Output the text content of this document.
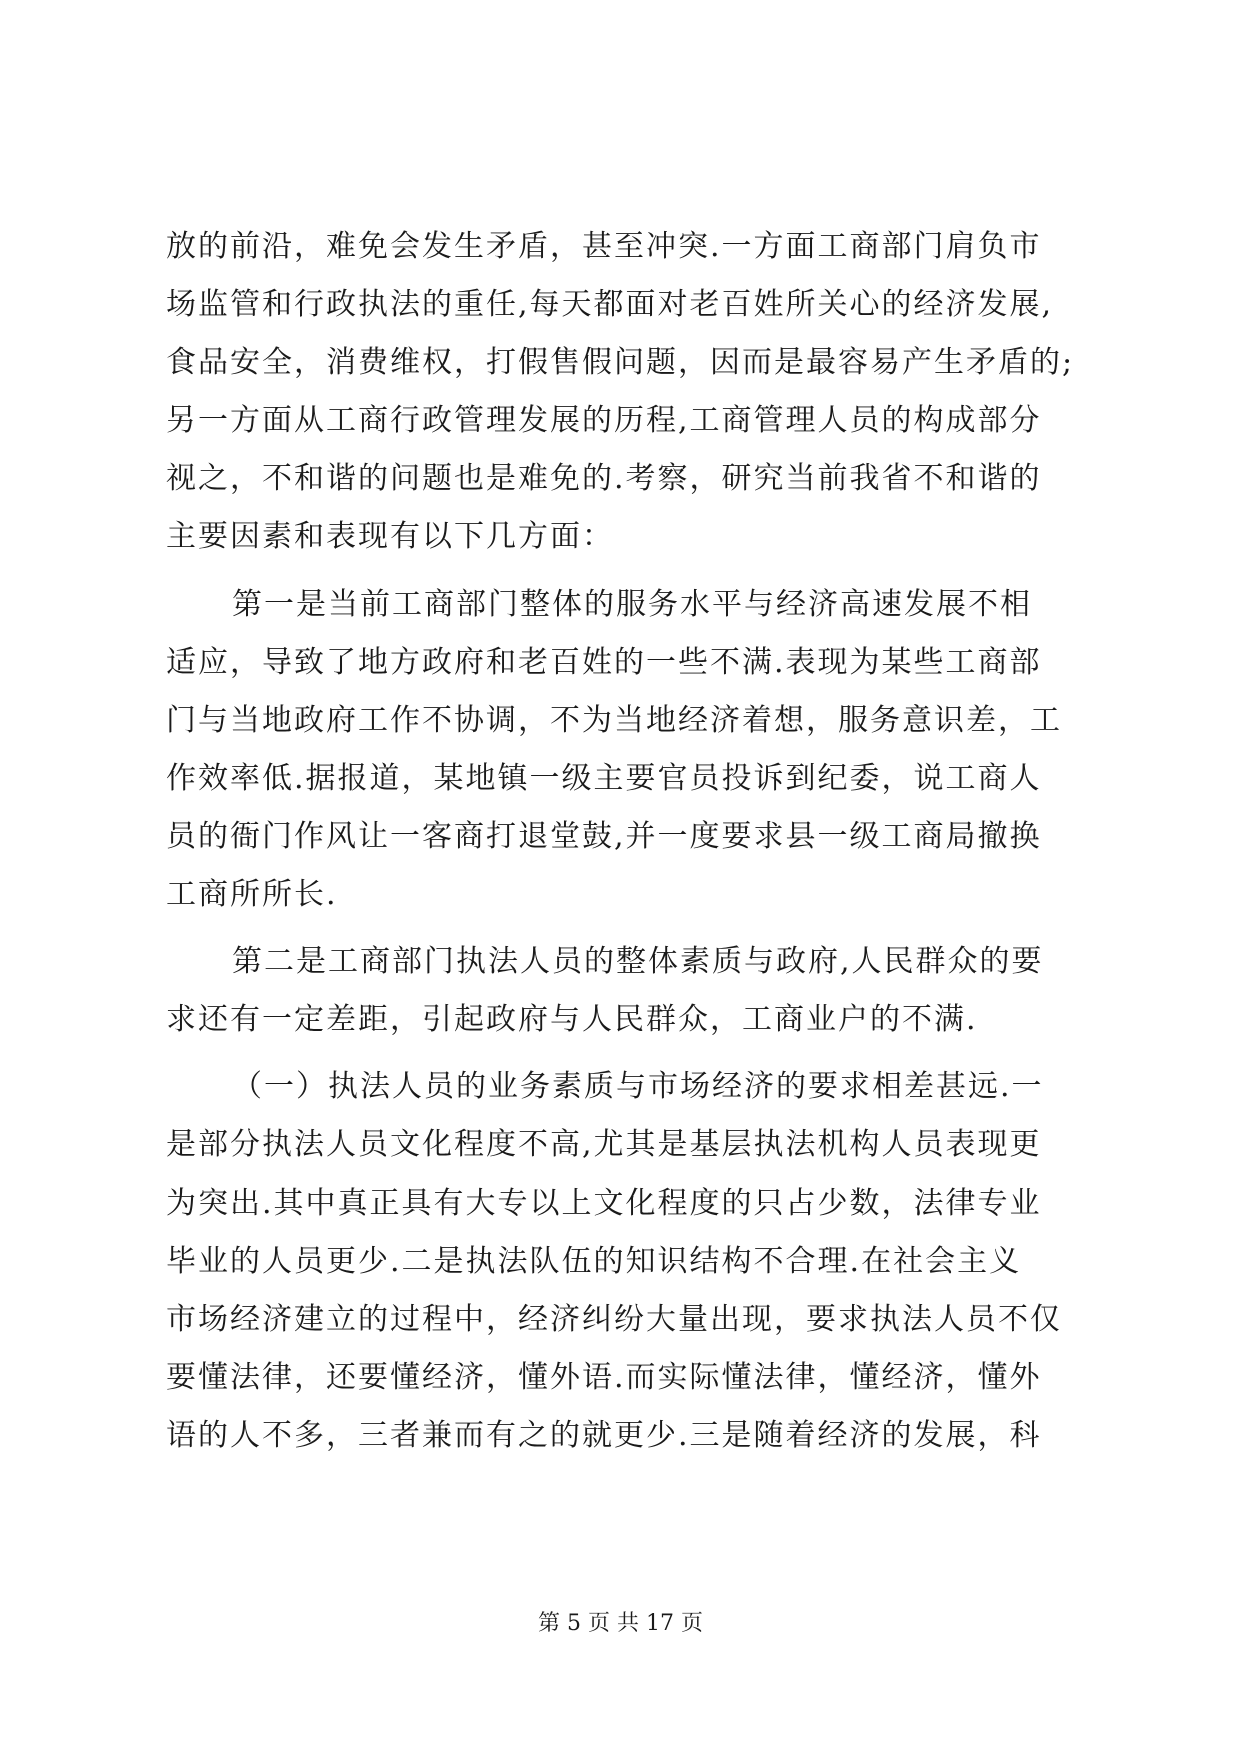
放的前沿，难免会发生矛盾，甚至冲突.一方面工商部门肩负市
场监管和行政执法的重任,每天都面对老百姓所关心的经济发展,
食品安全，消费维权，打假售假问题，因而是最容易产生矛盾的;
另一方面从工商行政管理发展的历程,工商管理人员的构成部分
视之，不和谐的问题也是难免的.考察，研究当前我省不和谐的
主要因素和表现有以下几方面：
第一是当前工商部门整体的服务水平与经济高速发展不相
适应，导致了地方政府和老百姓的一些不满.表现为某些工商部
门与当地政府工作不协调，不为当地经济着想，服务意识差，工
作效率低.据报道，某地镇一级主要官员投诉到纪委，说工商人
员的衙门作风让一客商打退堂鼓,并一度要求县一级工商局撤换
工商所所长.
第二是工商部门执法人员的整体素质与政府,人民群众的要
求还有一定差距，引起政府与人民群众，工商业户的不满.
（一）执法人员的业务素质与市场经济的要求相差甚远.一
是部分执法人员文化程度不高,尤其是基层执法机构人员表现更
为突出.其中真正具有大专以上文化程度的只占少数，法律专业
毕业的人员更少.二是执法队伍的知识结构不合理.在社会主义
市场经济建立的过程中，经济纠纷大量出现，要求执法人员不仅
要懂法律，还要懂经济，懂外语.而实际懂法律，懂经济，懂外
语的人不多，三者兼而有之的就更少.三是随着经济的发展，科
第 5 页 共 17 页
